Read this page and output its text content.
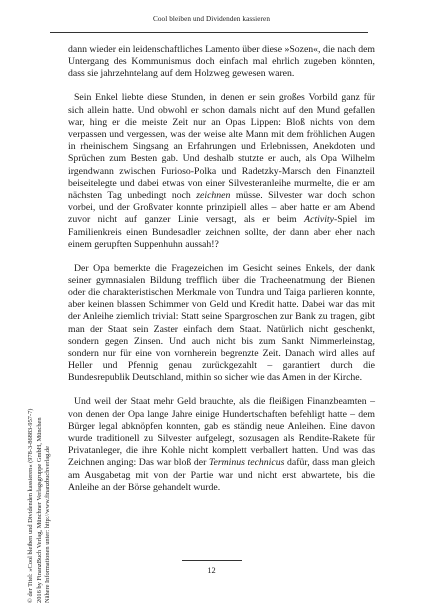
Cool bleiben und Dividenden kassieren

dann wieder ein leidenschaftliches Lamento über diese »Sozen«, die nach dem Untergang des Kommunismus doch einfach mal ehrlich zugeben könnten, dass sie jahrzehntelang auf dem Holzweg gewesen waren.

Sein Enkel liebte diese Stunden, in denen er sein großes Vorbild ganz für sich allein hatte. Und obwohl er schon damals nicht auf den Mund gefallen war, hing er die meiste Zeit nur an Opas Lippen: Bloß nichts von dem verpassen und vergessen, was der weise alte Mann mit dem fröhlichen Augen in rheinischem Singsang an Erfahrungen und Erlebnissen, Anekdoten und Sprüchen zum Besten gab. Und deshalb stutzte er auch, als Opa Wilhelm irgendwann zwischen Furioso-Polka und Radetzky-Marsch den Finanzteil beiseitelegte und dabei etwas von einer Silvesteranleihe murmelte, die er am nächsten Tag unbedingt noch zeichnen müsse. Silvester war doch schon vorbei, und der Großvater konnte prinzipiell alles – aber hatte er am Abend zuvor nicht auf ganzer Linie versagt, als er beim Activity-Spiel im Familienkreis einen Bundesadler zeichnen sollte, der dann aber eher nach einem gerupften Suppenhuhn aussah!?

Der Opa bemerkte die Fragezeichen im Gesicht seines Enkels, der dank seiner gymnasialen Bildung trefflich über die Tracheenatmung der Bienen oder die charakteristischen Merkmale von Tundra und Taiga parlieren konnte, aber keinen blassen Schimmer von Geld und Kredit hatte. Dabei war das mit der Anleihe ziemlich trivial: Statt seine Spargroschen zur Bank zu tragen, gibt man der Staat sein Zaster einfach dem Staat. Natürlich nicht geschenkt, sondern gegen Zinsen. Und auch nicht bis zum Sankt Nimmerleinstag, sondern nur für eine von vornherein begrenzte Zeit. Danach wird alles auf Heller und Pfennig genau zurückgezahlt – garantiert durch die Bundesrepublik Deutschland, mithin so sicher wie das Amen in der Kirche.

Und weil der Staat mehr Geld brauchte, als die fleißigen Finanzbeamten – von denen der Opa lange Jahre einige Hundertschaften befehligt hatte – dem Bürger legal abknöpfen konnten, gab es ständig neue Anleihen. Eine davon wurde traditionell zu Silvester aufgelegt, sozusagen als Rendite-Rakete für Privatanleger, die ihre Kohle nicht komplett verballert hatten. Und was das Zeichnen anging: Das war bloß der Terminus technicus dafür, dass man gleich am Ausgabetag mit von der Partie war und nicht erst abwartete, bis die Anleihe an der Börse gehandelt wurde.

© der Titel: »Cool bleiben und Dividenden kassieren« (978-3-86883-957-7) 2016 by FinanzBuch Verlag, Münchner Verlagsgruppe GmbH, München Nähere Informationen unter: http://www.finanzbuchverlag.de	12
